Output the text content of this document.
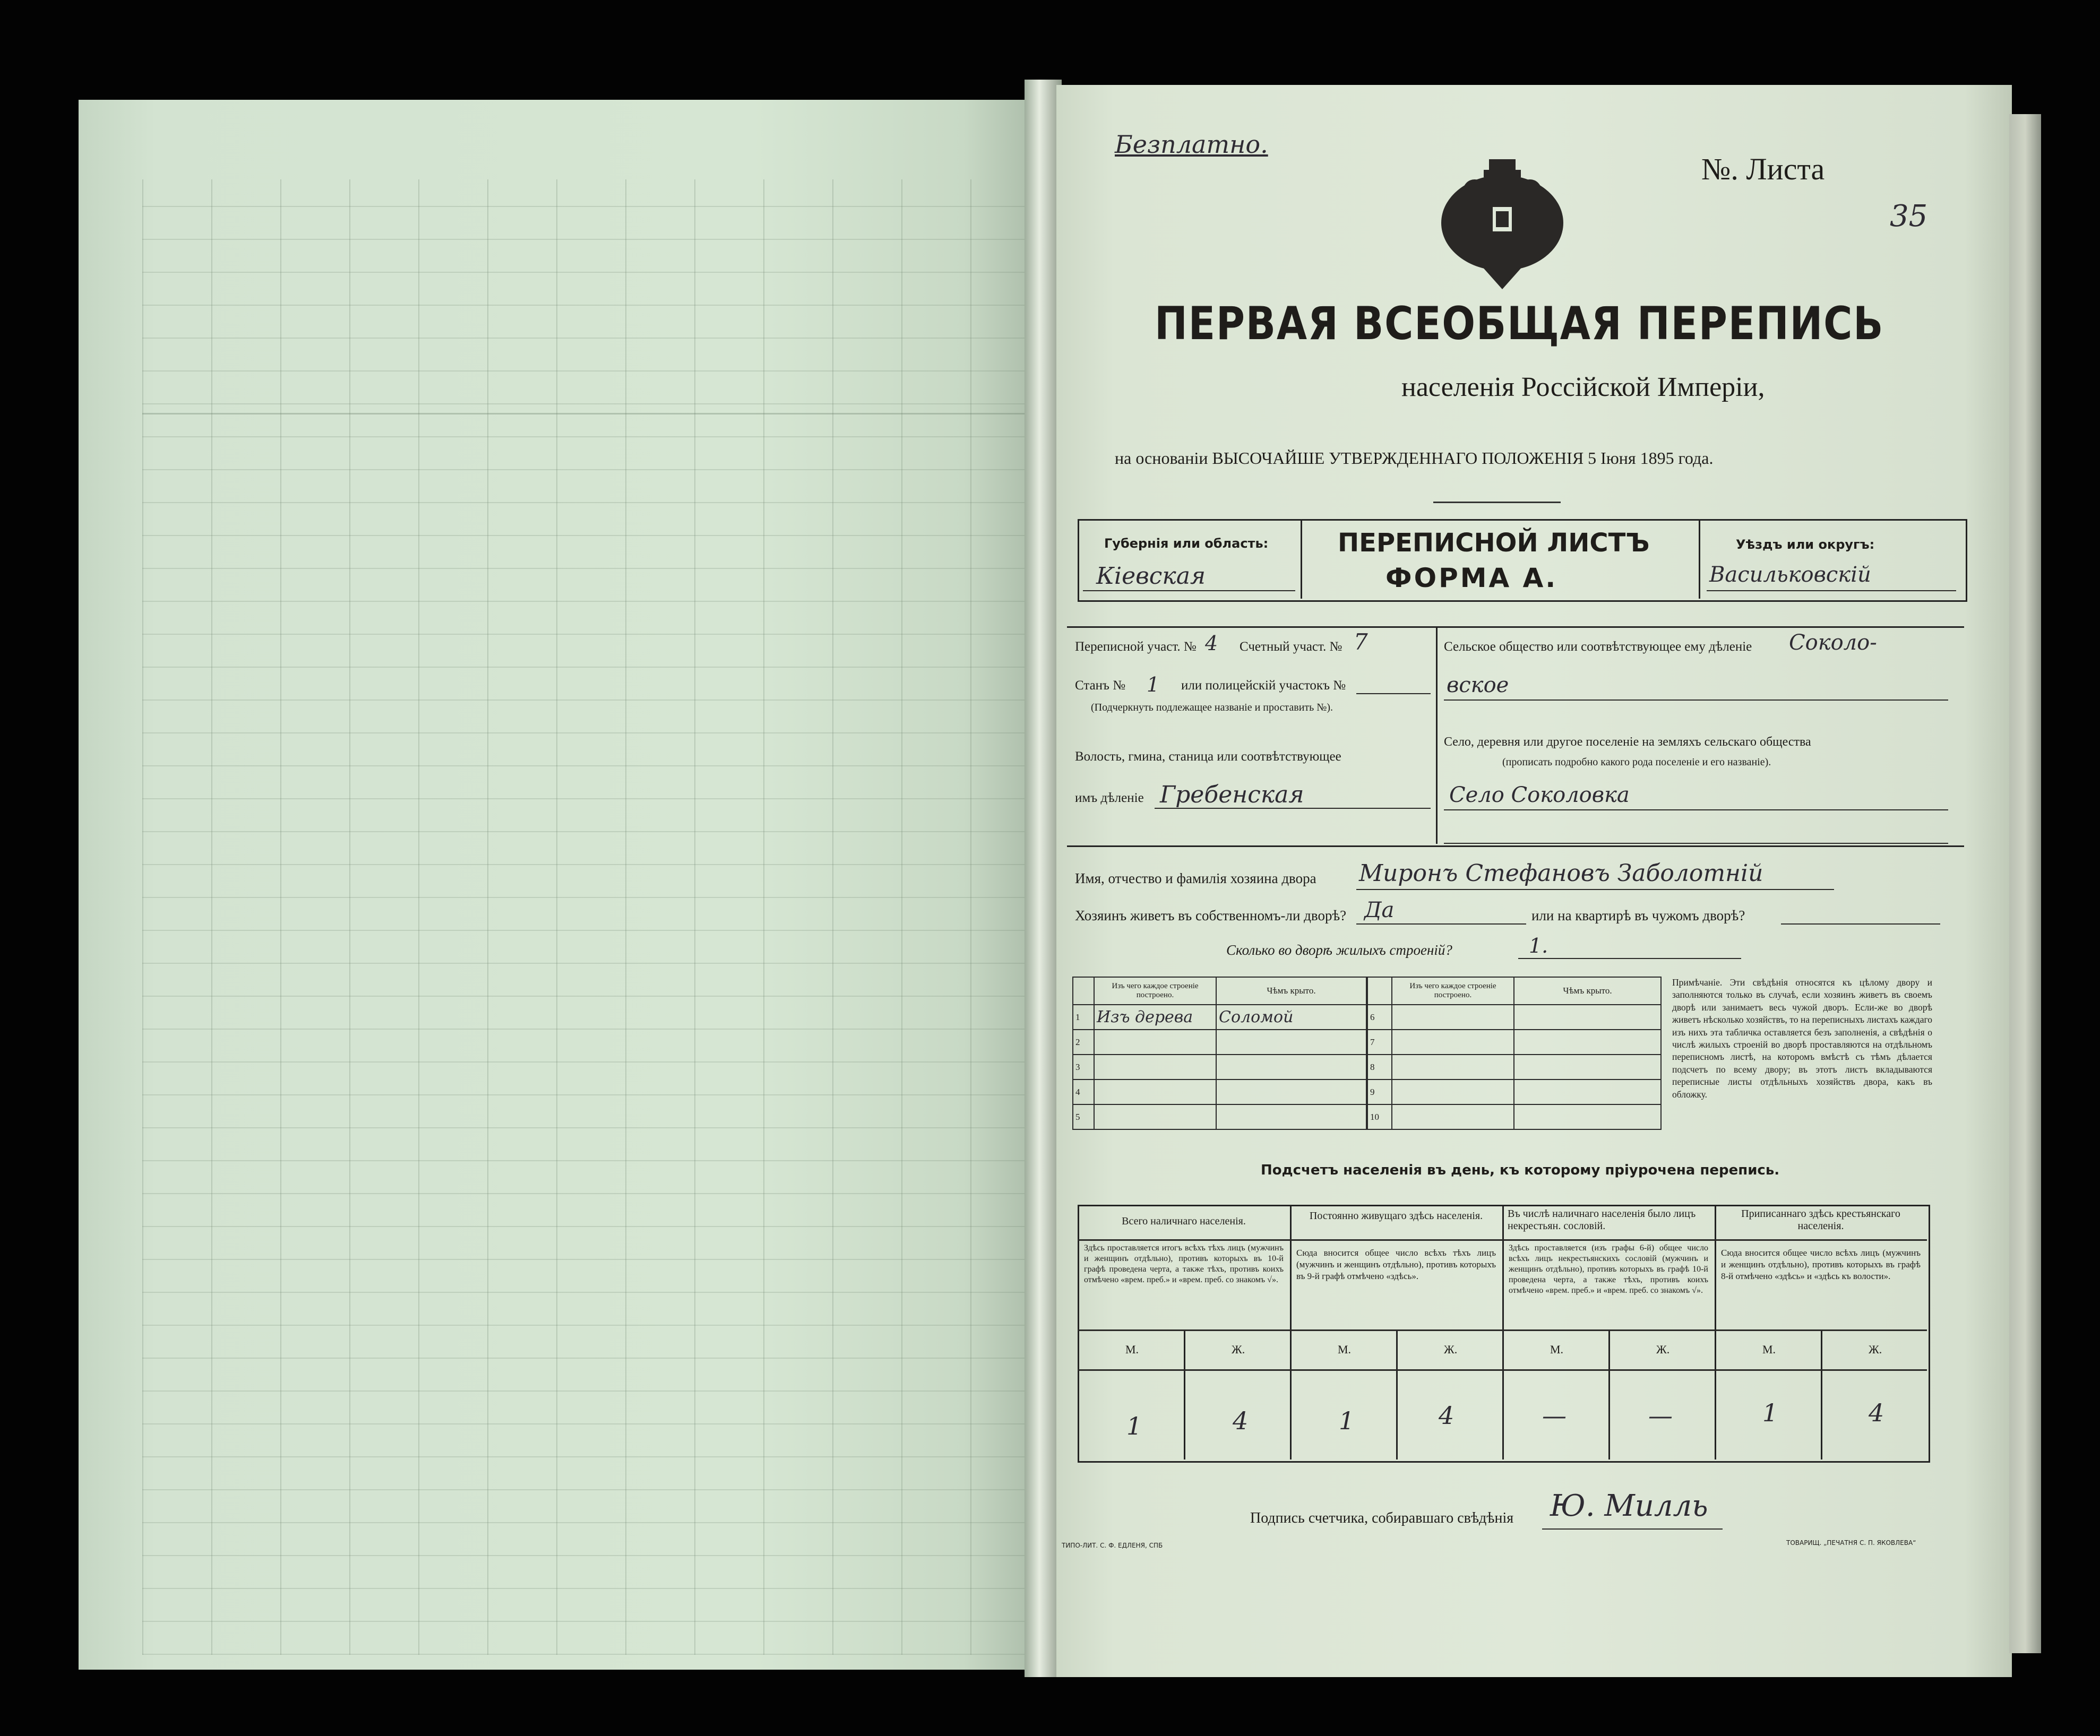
Безплатно.
№. Листа
35
ПЕРВАЯ ВСЕОБЩАЯ ПЕРЕПИСЬ
населенія Россійской Имперіи,
на основаніи ВЫСОЧАЙШЕ УТВЕРЖДЕННАГО ПОЛОЖЕНІЯ 5 Іюня 1895 года.
Губернія или область:
Кіевская
ПЕРЕПИСНОЙ ЛИСТЪ
ФОРМА А.
Уѣздъ или округъ:
Васильковскій
Переписной участ. № 4 Счетный участ. № 7
Станъ № 1 или полицейскій участокъ №
(Подчеркнуть подлежащее названіе и проставить №).
Волость, гмина, станица или соотвѣтствующее
имъ дѣленіе Гребенская
Сельское общество или соотвѣтствующее ему дѣленіе Соколо-
вское
Село, деревня или другое поселеніе на земляхъ сельскаго общества
(прописать подробно какого рода поселеніе и его названіе).
Село Соколовка
Имя, отчество и фамилія хозяина двора Миронъ Стефановъ Заболотній
Хозяинъ живетъ въ собственномъ-ли дворѣ? Да	или на квартирѣ въ чужомъ дворѣ?
Сколько во дворѣ жилыхъ строеній?	1.
	Изъ чего каждое строеніе построено.	Чѣмъ крыто.
1	Изъ дерева	Соломой
2		
3		
4		
5		
	Изъ чего каждое строеніе построено.	Чѣмъ крыто.
6		
7		
8		
9		
10		
Примѣчаніе. Эти свѣдѣнія относятся къ цѣлому двору и заполняются только въ случаѣ, если хозяинъ живетъ въ своемъ дворѣ или занимаетъ весь чужой дворъ. Если-же во дворѣ живетъ нѣсколько хозяйствъ, то на переписныхъ листахъ каждаго изъ нихъ эта табличка оставляется безъ заполненія, а свѣдѣнія о числѣ жилыхъ строеній во дворѣ проставляются на отдѣльномъ переписномъ листѣ, на которомъ вмѣстѣ съ тѣмъ дѣлается подсчетъ по всему двору; въ этотъ листъ вкладываются переписные листы отдѣльныхъ хозяйствъ двора, какъ въ обложку.
Подсчетъ населенія въ день, къ которому пріурочена перепись.
Всего наличнаго населенія.
Здѣсь проставляется итогъ всѣхъ тѣхъ лицъ (мужчинъ и женщинъ отдѣльно), противъ которыхъ въ 10-й графѣ проведена черта, а также тѣхъ, противъ коихъ отмѣчено «врем. преб.» и «врем. преб. со знакомъ √».
Постоянно живущаго здѣсь населенія.
Сюда вносится общее число всѣхъ тѣхъ лицъ (мужчинъ и женщинъ отдѣльно), противъ которыхъ въ 9-й графѣ отмѣчено «здѣсь».
Въ числѣ наличнаго населенія было лицъ некрестьян. сословій.
Здѣсь проставляется (изъ графы 6-й) общее число всѣхъ лицъ некрестьянскихъ сословій (мужчинъ и женщинъ отдѣльно), противъ которыхъ въ графѣ 10-й проведена черта, а также тѣхъ, противъ коихъ отмѣчено «врем. преб.» и «врем. преб. со знакомъ √».
Приписаннаго здѣсь крестьянскаго населенія.
Сюда вносится общее число всѣхъ лицъ (мужчинъ и женщинъ отдѣльно), противъ которыхъ въ графѣ 8-й отмѣчено «здѣсь» и «здѣсь къ волости».
М.	Ж.	М.	Ж.	М.	Ж.	М.	Ж.
1	4	1	4	—	—	1	4
Подпись счетчика, собиравшаго свѣдѣнія Ю. Милль
ТИПО-ЛИТ. С. Ф. ЕДЛЕНЯ, СПБ	ТОВАРИЩ. „ПЕЧАТНЯ С. П. ЯКОВЛЕВА“
